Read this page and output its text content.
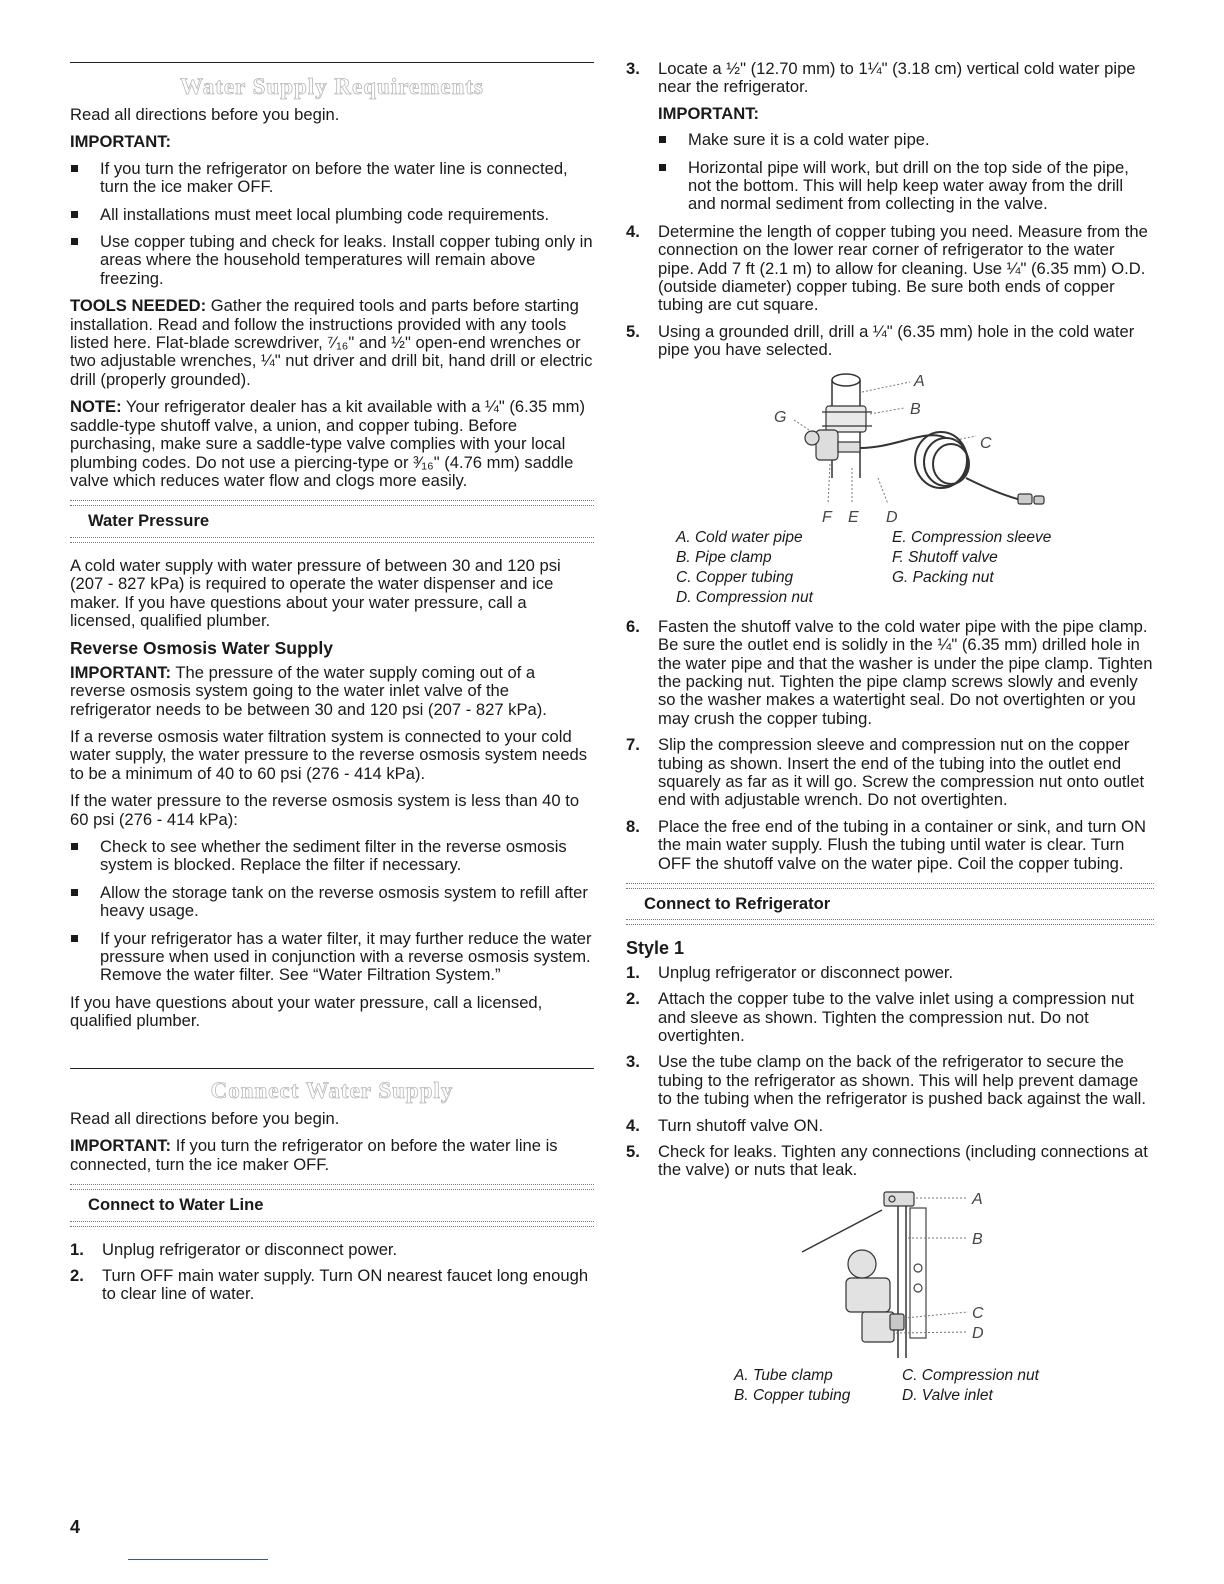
Water Supply Requirements

Read all directions before you begin.

IMPORTANT:
If you turn the refrigerator on before the water line is connected, turn the ice maker OFF.
All installations must meet local plumbing code requirements.
Use copper tubing and check for leaks. Install copper tubing only in areas where the household temperatures will remain above freezing.

TOOLS NEEDED: Gather the required tools and parts before starting installation. Read and follow the instructions provided with any tools listed here. Flat-blade screwdriver, ⁷⁄₁₆" and ½" open-end wrenches or two adjustable wrenches, ¼" nut driver and drill bit, hand drill or electric drill (properly grounded).

NOTE: Your refrigerator dealer has a kit available with a ¼" (6.35 mm) saddle-type shutoff valve, a union, and copper tubing. Before purchasing, make sure a saddle-type valve complies with your local plumbing codes. Do not use a piercing-type or ³⁄₁₆" (4.76 mm) saddle valve which reduces water flow and clogs more easily.

Water Pressure

A cold water supply with water pressure of between 30 and 120 psi (207 - 827 kPa) is required to operate the water dispenser and ice maker. If you have questions about your water pressure, call a licensed, qualified plumber.

Reverse Osmosis Water Supply

IMPORTANT: The pressure of the water supply coming out of a reverse osmosis system going to the water inlet valve of the refrigerator needs to be between 30 and 120 psi (207 - 827 kPa).

If a reverse osmosis water filtration system is connected to your cold water supply, the water pressure to the reverse osmosis system needs to be a minimum of 40 to 60 psi (276 - 414 kPa).

If the water pressure to the reverse osmosis system is less than 40 to 60 psi (276 - 414 kPa):

Check to see whether the sediment filter in the reverse osmosis system is blocked. Replace the filter if necessary.
Allow the storage tank on the reverse osmosis system to refill after heavy usage.
If your refrigerator has a water filter, it may further reduce the water pressure when used in conjunction with a reverse osmosis system. Remove the water filter. See “Water Filtration System.”

If you have questions about your water pressure, call a licensed, qualified plumber.

Connect Water Supply

Read all directions before you begin.

IMPORTANT: If you turn the refrigerator on before the water line is connected, turn the ice maker OFF.

Connect to Water Line
1. Unplug refrigerator or disconnect power.
2. Turn OFF main water supply. Turn ON nearest faucet long enough to clear line of water.
3. Locate a ½" (12.70 mm) to 1¼" (3.18 cm) vertical cold water pipe near the refrigerator.
IMPORTANT:
Make sure it is a cold water pipe.
Horizontal pipe will work, but drill on the top side of the pipe, not the bottom. This will help keep water away from the drill and normal sediment from collecting in the valve.
4. Determine the length of copper tubing you need. Measure from the connection on the lower rear corner of refrigerator to the water pipe. Add 7 ft (2.1 m) to allow for cleaning. Use ¼" (6.35 mm) O.D. (outside diameter) copper tubing. Be sure both ends of copper tubing are cut square.
5. Using a grounded drill, drill a ¼" (6.35 mm) hole in the cold water pipe you have selected.
A
B
C
G
F E D
A. Cold water pipe	E. Compression sleeve
B. Pipe clamp	F. Shutoff valve
C. Copper tubing	G. Packing nut
D. Compression nut
6. Fasten the shutoff valve to the cold water pipe with the pipe clamp. Be sure the outlet end is solidly in the ¼" (6.35 mm) drilled hole in the water pipe and that the washer is under the pipe clamp. Tighten the packing nut. Tighten the pipe clamp screws slowly and evenly so the washer makes a watertight seal. Do not overtighten or you may crush the copper tubing.
7. Slip the compression sleeve and compression nut on the copper tubing as shown. Insert the end of the tubing into the outlet end squarely as far as it will go. Screw the compression nut onto outlet end with adjustable wrench. Do not overtighten.
8. Place the free end of the tubing in a container or sink, and turn ON the main water supply. Flush the tubing until water is clear. Turn OFF the shutoff valve on the water pipe. Coil the copper tubing.
Connect to Refrigerator
Style 1
1. Unplug refrigerator or disconnect power.
2. Attach the copper tube to the valve inlet using a compression nut and sleeve as shown. Tighten the compression nut. Do not overtighten.
3. Use the tube clamp on the back of the refrigerator to secure the tubing to the refrigerator as shown. This will help prevent damage to the tubing when the refrigerator is pushed back against the wall.
4. Turn shutoff valve ON.
5. Check for leaks. Tighten any connections (including connections at the valve) or nuts that leak.
A
B
C
D
A. Tube clamp	C. Compression nut
B. Copper tubing	D. Valve inlet
4
